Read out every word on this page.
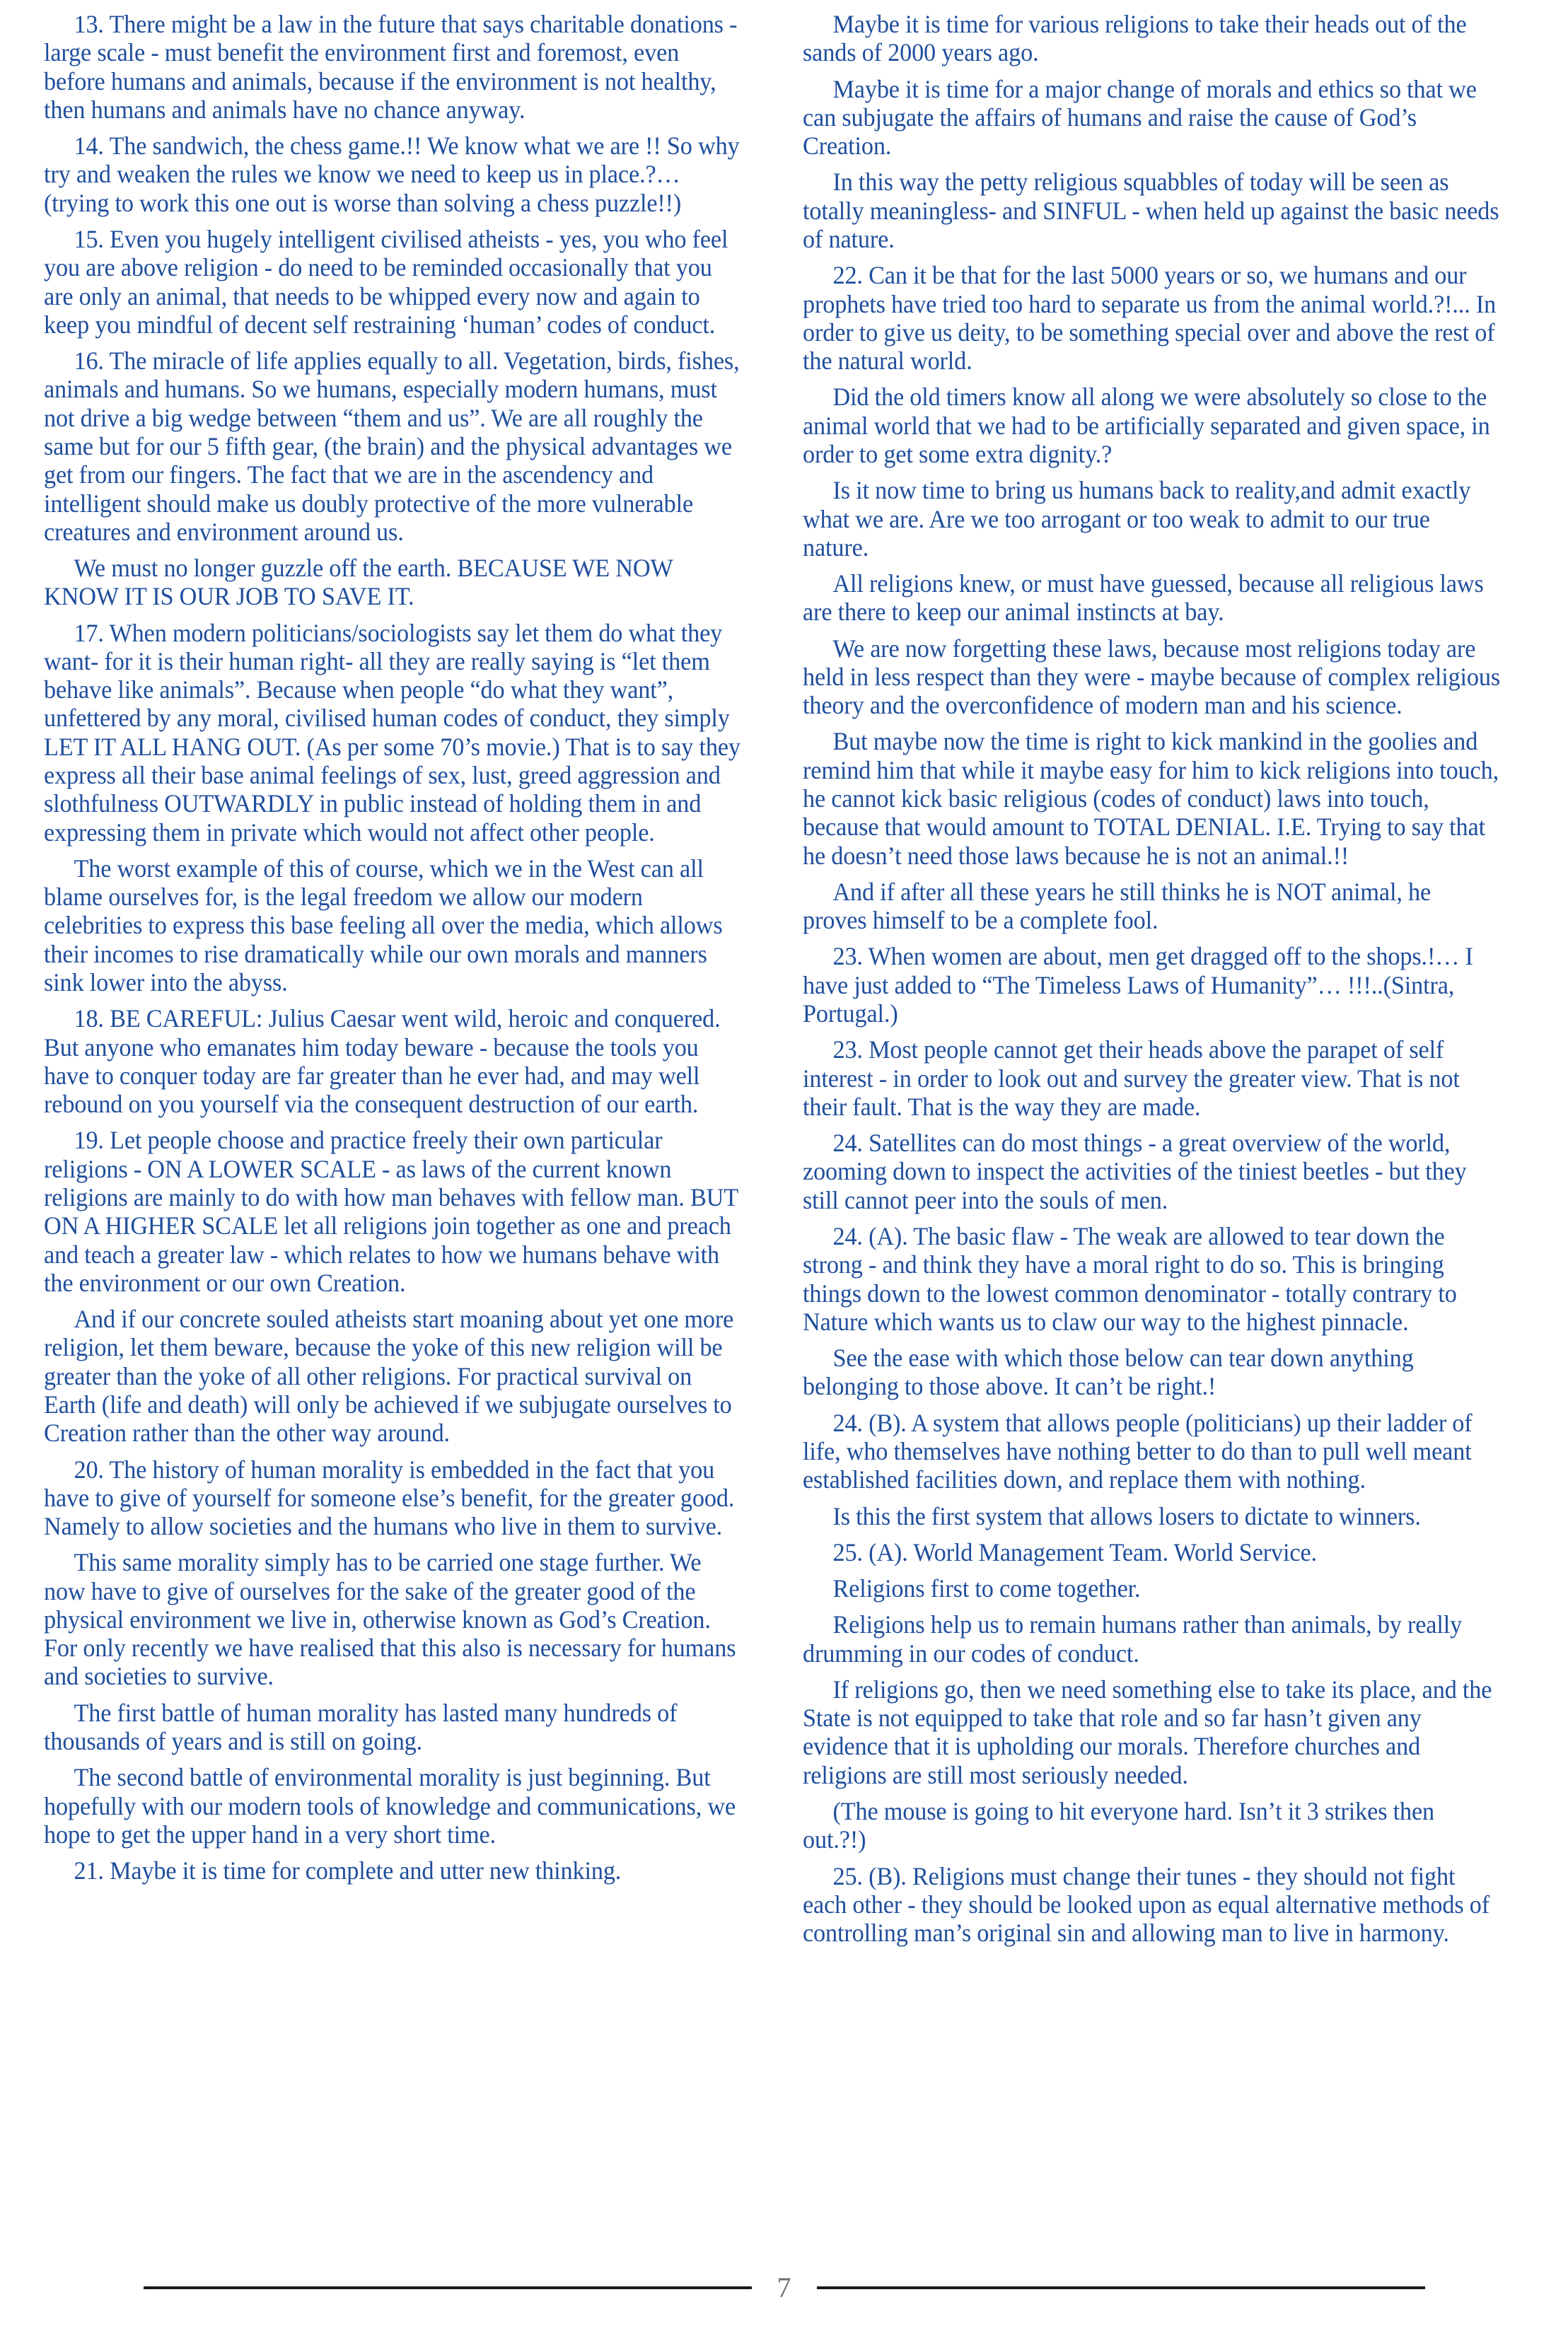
13. There might be a law in the future that says charitable donations - large scale - must benefit the environment first and foremost, even before humans and animals, because if the environment is not healthy, then humans and animals have no chance anyway.

14. The sandwich, the chess game.!! We know what we are !! So why try and weaken the rules we know we need to keep us in place.?… (trying to work this one out is worse than solving a chess puzzle!!)

15. Even you hugely intelligent civilised atheists - yes, you who feel you are above religion - do need to be reminded occasionally that you are only an animal, that needs to be whipped every now and again to keep you mindful of decent self restraining ‘human’ codes of conduct.

16. The miracle of life applies equally to all. Vegetation, birds, fishes, animals and humans. So we humans, especially modern humans, must not drive a big wedge between “them and us”. We are all roughly the same but for our 5 fifth gear, (the brain) and the physical advantages we get from our fingers. The fact that we are in the ascendency and intelligent should make us doubly protective of the more vulnerable creatures and environment around us.

We must no longer guzzle off the earth. BECAUSE WE NOW KNOW IT IS OUR JOB TO SAVE IT.

17. When modern politicians/sociologists say let them do what they want- for it is their human right- all they are really saying is “let them behave like animals”. Because when people “do what they want”, unfettered by any moral, civilised human codes of conduct, they simply LET IT ALL HANG OUT. (As per some 70’s movie.) That is to say they express all their base animal feelings of sex, lust, greed aggression and slothfulness OUTWARDLY in public instead of holding them in and expressing them in private which would not affect other people.

The worst example of this of course, which we in the West can all blame ourselves for, is the legal freedom we allow our modern celebrities to express this base feeling all over the media, which allows their incomes to rise dramatically while our own morals and manners sink lower into the abyss.

18. BE CAREFUL: Julius Caesar went wild, heroic and conquered. But anyone who emanates him today beware - because the tools you have to conquer today are far greater than he ever had, and may well rebound on you yourself via the consequent destruction of our earth.

19. Let people choose and practice freely their own particular religions - ON A LOWER SCALE - as laws of the current known religions are mainly to do with how man behaves with fellow man. BUT ON A HIGHER SCALE let all religions join together as one and preach and teach a greater law - which relates to how we humans behave with the environment or our own Creation.

And if our concrete souled atheists start moaning about yet one more religion, let them beware, because the yoke of this new religion will be greater than the yoke of all other religions. For practical survival on Earth (life and death) will only be achieved if we subjugate ourselves to Creation rather than the other way around.

20. The history of human morality is embedded in the fact that you have to give of yourself for someone else’s benefit, for the greater good. Namely to allow societies and the humans who live in them to survive.

This same morality simply has to be carried one stage further. We now have to give of ourselves for the sake of the greater good of the physical environment we live in, otherwise known as God’s Creation. For only recently we have realised that this also is necessary for humans and societies to survive.

The first battle of human morality has lasted many hundreds of thousands of years and is still on going.

The second battle of environmental morality is just beginning. But hopefully with our modern tools of knowledge and communications, we hope to get the upper hand in a very short time.

21. Maybe it is time for complete and utter new thinking.

Maybe it is time for various religions to take their heads out of the sands of 2000 years ago.

Maybe it is time for a major change of morals and ethics so that we can subjugate the affairs of humans and raise the cause of God’s Creation.

In this way the petty religious squabbles of today will be seen as totally meaningless- and SINFUL - when held up against the basic needs of nature.

22. Can it be that for the last 5000 years or so, we humans and our prophets have tried too hard to separate us from the animal world.?!... In order to give us deity, to be something special over and above the rest of the natural world.

Did the old timers know all along we were absolutely so close to the animal world that we had to be artificially separated and given space, in order to get some extra dignity.?

Is it now time to bring us humans back to reality,and admit exactly what we are. Are we too arrogant or too weak to admit to our true nature.

All religions knew, or must have guessed, because all religious laws are there to keep our animal instincts at bay.

We are now forgetting these laws, because most religions today are held in less respect than they were - maybe because of complex religious theory and the overconfidence of modern man and his science.

But maybe now the time is right to kick mankind in the goolies and remind him that while it maybe easy for him to kick religions into touch, he cannot kick basic religious (codes of conduct) laws into touch, because that would amount to TOTAL DENIAL. I.E. Trying to say that he doesn’t need those laws because he is not an animal.!!

And if after all these years he still thinks he is NOT animal, he proves himself to be a complete fool.

23. When women are about, men get dragged off to the shops.!… I have just added to “The Timeless Laws of Humanity”… !!!..(Sintra, Portugal.)

23. Most people cannot get their heads above the parapet of self interest - in order to look out and survey the greater view. That is not their fault. That is the way they are made.

24. Satellites can do most things - a great overview of the world, zooming down to inspect the activities of the tiniest beetles - but they still cannot peer into the souls of men.

24. (A). The basic flaw - The weak are allowed to tear down the strong - and think they have a moral right to do so. This is bringing things down to the lowest common denominator - totally contrary to Nature which wants us to claw our way to the highest pinnacle.

See the ease with which those below can tear down anything belonging to those above. It can’t be right.!

24. (B). A system that allows people (politicians) up their ladder of life, who themselves have nothing better to do than to pull well meant established facilities down, and replace them with nothing.

Is this the first system that allows losers to dictate to winners.

25. (A). World Management Team. World Service.

Religions first to come together.

Religions help us to remain humans rather than animals, by really drumming in our codes of conduct.

If religions go, then we need something else to take its place, and the State is not equipped to take that role and so far hasn’t given any evidence that it is upholding our morals. Therefore churches and religions are still most seriously needed.

(The mouse is going to hit everyone hard. Isn’t it 3 strikes then out.?!)

25. (B). Religions must change their tunes - they should not fight each other - they should be looked upon as equal alternative methods of controlling man’s original sin and allowing man to live in harmony.

7
